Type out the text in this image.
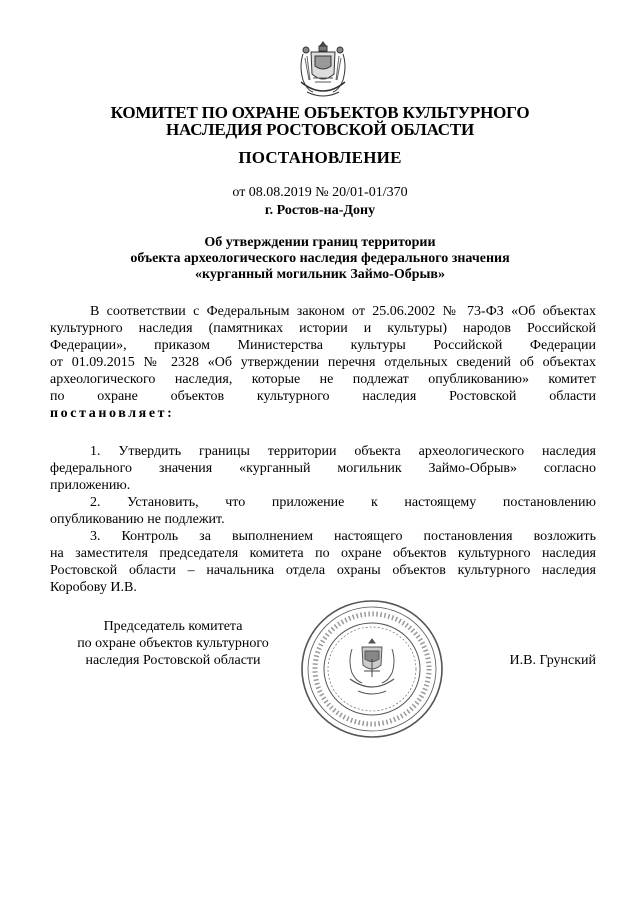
КОМИТЕТ ПО ОХРАНЕ ОБЪЕКТОВ КУЛЬТУРНОГО
НАСЛЕДИЯ РОСТОВСКОЙ ОБЛАСТИ
ПОСТАНОВЛЕНИЕ
от 08.08.2019 № 20/01-01/370
г. Ростов-на-Дону
Об утверждении границ территории
объекта археологического наследия федерального значения
«курганный могильник Займо-Обрыв»
В соответствии с Федеральным законом от 25.06.2002 № 73-ФЗ «Об объектах
культурного наследия (памятниках истории и культуры) народов Российской
Федерации», приказом Министерства культуры Российской Федерации
от 01.09.2015 № 2328 «Об утверждении перечня отдельных сведений об объектах
археологического наследия, которые не подлежат опубликованию» комитет
по охране объектов культурного наследия Ростовской области
постановляет:
1. Утвердить границы территории объекта археологического наследия
федерального значения «курганный могильник Займо-Обрыв» согласно
приложению.
2. Установить, что приложение к настоящему постановлению
опубликованию не подлежит.
3. Контроль за выполнением настоящего постановления возложить
на заместителя председателя комитета по охране объектов культурного наследия
Ростовской области – начальника отдела охраны объектов культурного наследия
Коробову И.В.
Председатель комитета
по охране объектов культурного
наследия Ростовской области	И.В. Грунский
